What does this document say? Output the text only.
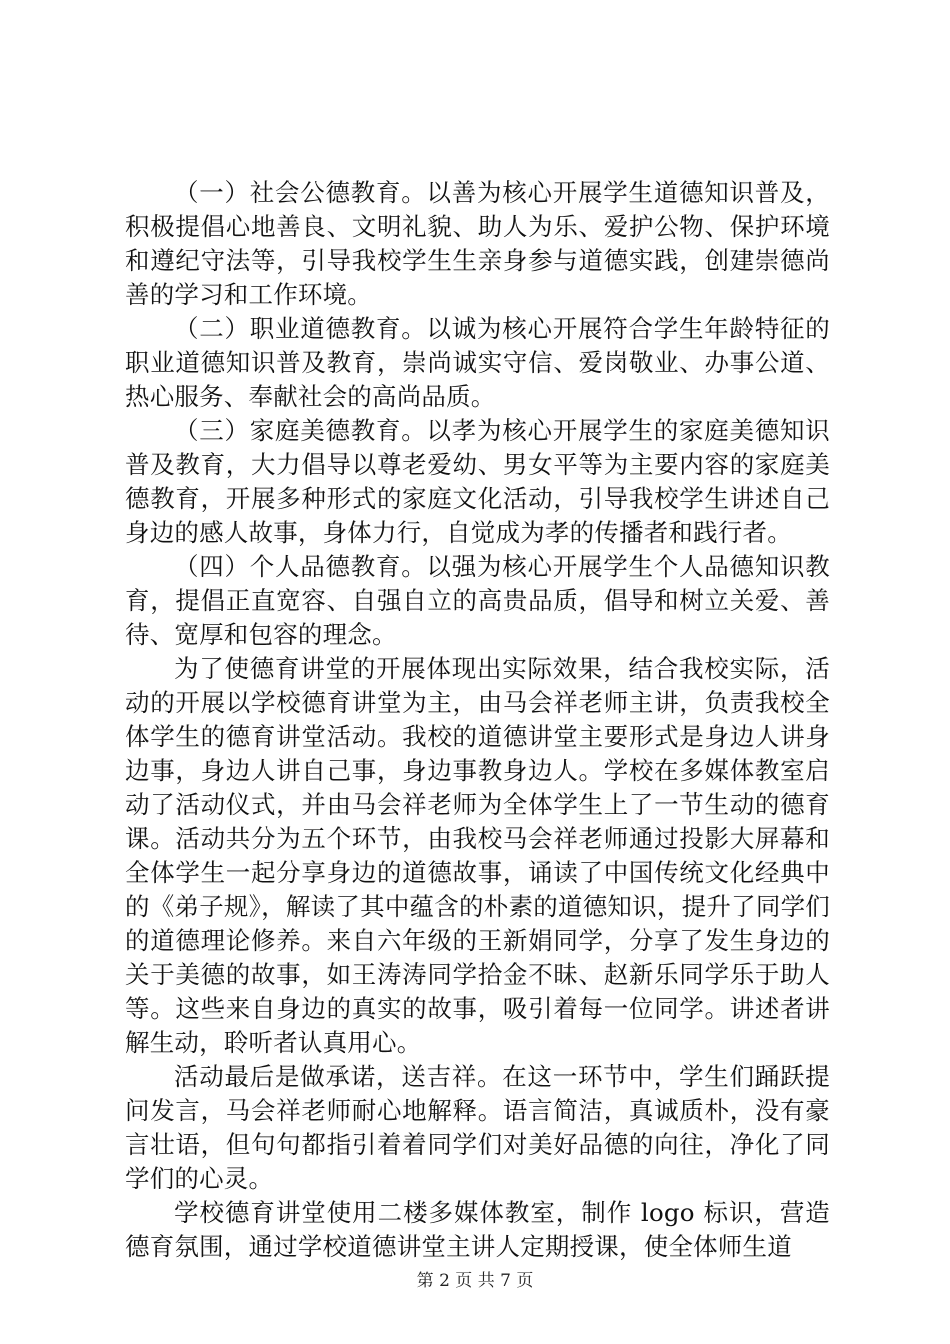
（一）社会公德教育。以善为核心开展学生道德知识普及，积极提倡心地善良、文明礼貌、助人为乐、爱护公物、保护环境和遵纪守法等，引导我校学生生亲身参与道德实践，创建崇德尚善的学习和工作环境。

（二）职业道德教育。以诚为核心开展符合学生年龄特征的职业道德知识普及教育，崇尚诚实守信、爱岗敬业、办事公道、热心服务、奉献社会的高尚品质。

（三）家庭美德教育。以孝为核心开展学生的家庭美德知识普及教育，大力倡导以尊老爱幼、男女平等为主要内容的家庭美德教育，开展多种形式的家庭文化活动，引导我校学生讲述自己身边的感人故事，身体力行，自觉成为孝的传播者和践行者。

（四）个人品德教育。以强为核心开展学生个人品德知识教育，提倡正直宽容、自强自立的高贵品质，倡导和树立关爱、善待、宽厚和包容的理念。

为了使德育讲堂的开展体现出实际效果，结合我校实际，活动的开展以学校德育讲堂为主，由马会祥老师主讲，负责我校全体学生的德育讲堂活动。我校的道德讲堂主要形式是身边人讲身边事，身边人讲自己事，身边事教身边人。学校在多媒体教室启动了活动仪式，并由马会祥老师为全体学生上了一节生动的德育课。活动共分为五个环节，由我校马会祥老师通过投影大屏幕和全体学生一起分享身边的道德故事，诵读了中国传统文化经典中的《弟子规》，解读了其中蕴含的朴素的道德知识，提升了同学们的道德理论修养。来自六年级的王新娟同学，分享了发生身边的关于美德的故事，如王涛涛同学拾金不昧、赵新乐同学乐于助人等。这些来自身边的真实的故事，吸引着每一位同学。讲述者讲解生动，聆听者认真用心。

活动最后是做承诺，送吉祥。在这一环节中，学生们踊跃提问发言，马会祥老师耐心地解释。语言简洁，真诚质朴，没有豪言壮语，但句句都指引着着同学们对美好品德的向往，净化了同学们的心灵。

学校德育讲堂使用二楼多媒体教室，制作 logo 标识，营造德育氛围，通过学校道德讲堂主讲人定期授课，使全体师生道

第 2 页 共 7 页
